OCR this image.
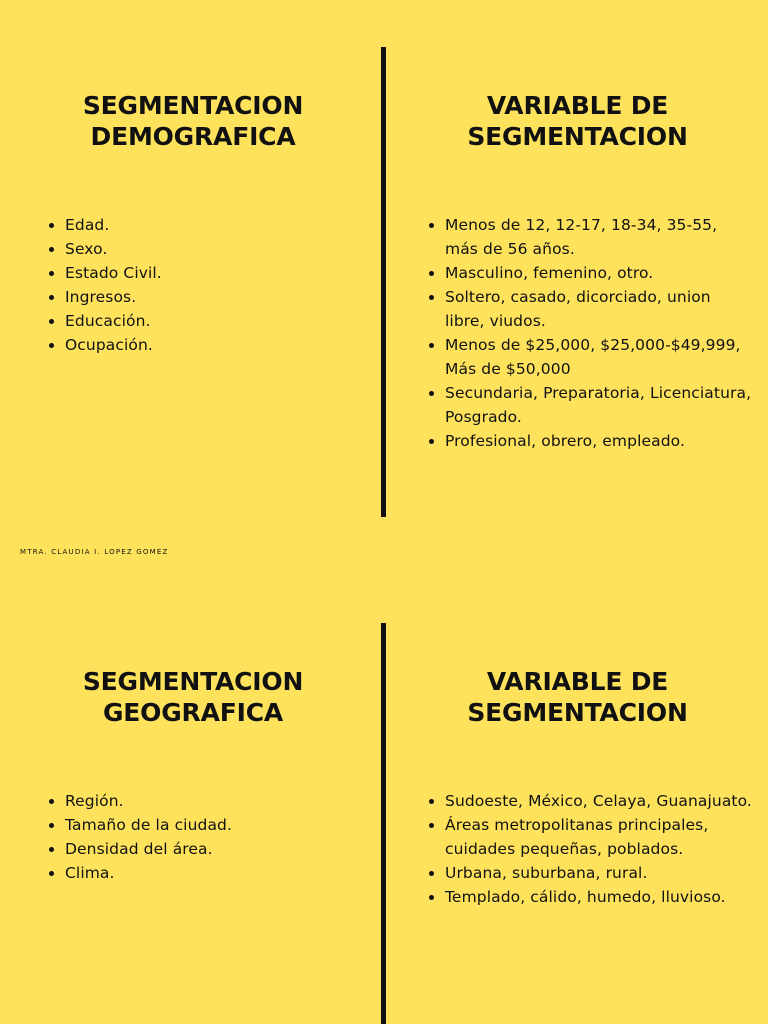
SEGMENTACION
DEMOGRAFICA
VARIABLE DE
SEGMENTACION
• Edad.
• Sexo.
• Estado Civil.
• Ingresos.
• Educación.
• Ocupación.
• Menos de 12, 12-17, 18-34, 35-55, más de 56 años.
• Masculino, femenino, otro.
• Soltero, casado, dicorciado, union libre, viudos.
• Menos de $25,000, $25,000-$49,999, Más de $50,000
• Secundaria, Preparatoria, Licenciatura, Posgrado.
• Profesional, obrero, empleado.
MTRA. CLAUDIA I. LOPEZ GOMEZ
SEGMENTACION
GEOGRAFICA
VARIABLE DE
SEGMENTACION
• Región.
• Tamaño de la ciudad.
• Densidad del área.
• Clima.
• Sudoeste, México, Celaya, Guanajuato.
• Áreas metropolitanas principales, cuidades pequeñas, poblados.
• Urbana, suburbana, rural.
• Templado, cálido, humedo, lluvioso.
